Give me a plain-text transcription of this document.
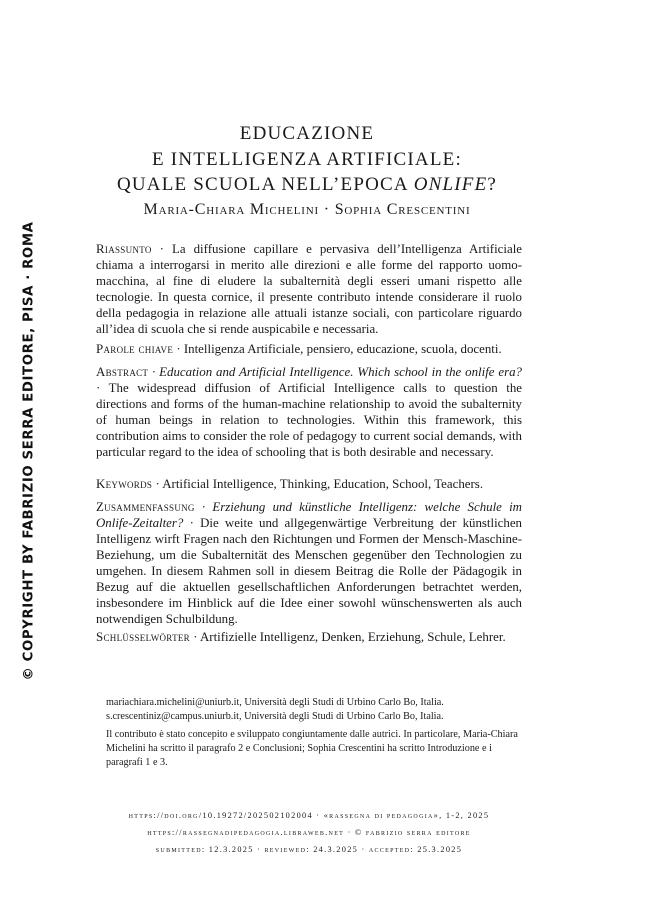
© COPYRIGHT BY FABRIZIO SERRA EDITORE, PISA · ROMA
EDUCAZIONE
E INTELLIGENZA ARTIFICIALE:
QUALE SCUOLA NELL’EPOCA ONLIFE?
Maria-Chiara Michelini · Sophia Crescentini
Riassunto · La diffusione capillare e pervasiva dell’Intelligenza Artificiale chiama a interrogarsi in merito alle direzioni e alle forme del rapporto uomo-macchina, al fine di eludere la subalternità degli esseri umani rispetto alle tecnologie. In questa cornice, il presente contributo intende considerare il ruolo della pedagogia in relazione alle attuali istanze sociali, con particolare riguardo all’idea di scuola che si rende auspicabile e necessaria.
Parole chiave · Intelligenza Artificiale, pensiero, educazione, scuola, docenti.
Abstract · Education and Artificial Intelligence. Which school in the onlife era? · The widespread diffusion of Artificial Intelligence calls to question the directions and forms of the human-machine relationship to avoid the subalternity of human beings in relation to technologies. Within this framework, this contribution aims to consider the role of pedagogy to current social demands, with particular regard to the idea of schooling that is both desirable and necessary.
Keywords · Artificial Intelligence, Thinking, Education, School, Teachers.
Zusammenfassung · Erziehung und künstliche Intelligenz: welche Schule im Onlife-Zeitalter? · Die weite und allgegenwärtige Verbreitung der künstlichen Intelligenz wirft Fragen nach den Richtungen und Formen der Mensch-Maschine-Beziehung, um die Subalternität des Menschen gegenüber den Technologien zu umgehen. In diesem Rahmen soll in diesem Beitrag die Rolle der Pädagogik in Bezug auf die aktuellen gesellschaftlichen Anforderungen betrachtet werden, insbesondere im Hinblick auf die Idee einer sowohl wünschenswerten als auch notwendigen Schulbildung.
Schlüsselwörter · Artifizielle Intelligenz, Denken, Erziehung, Schule, Lehrer.
mariachiara.michelini@uniurb.it, Università degli Studi di Urbino Carlo Bo, Italia.
s.crescentiniz@campus.uniurb.it, Università degli Studi di Urbino Carlo Bo, Italia.
Il contributo è stato concepito e sviluppato congiuntamente dalle autrici. In particolare, Maria-Chiara Michelini ha scritto il paragrafo 2 e Conclusioni; Sophia Crescentini ha scritto Introduzione e i paragrafi 1 e 3.
https://doi.org/10.19272/202502102004 · «rassegna di pedagogia», 1-2, 2025
https://rassegnadipedagogia.libraweb.net · © fabrizio serra editore
submitted: 12.3.2025 · reviewed: 24.3.2025 · accepted: 25.3.2025
